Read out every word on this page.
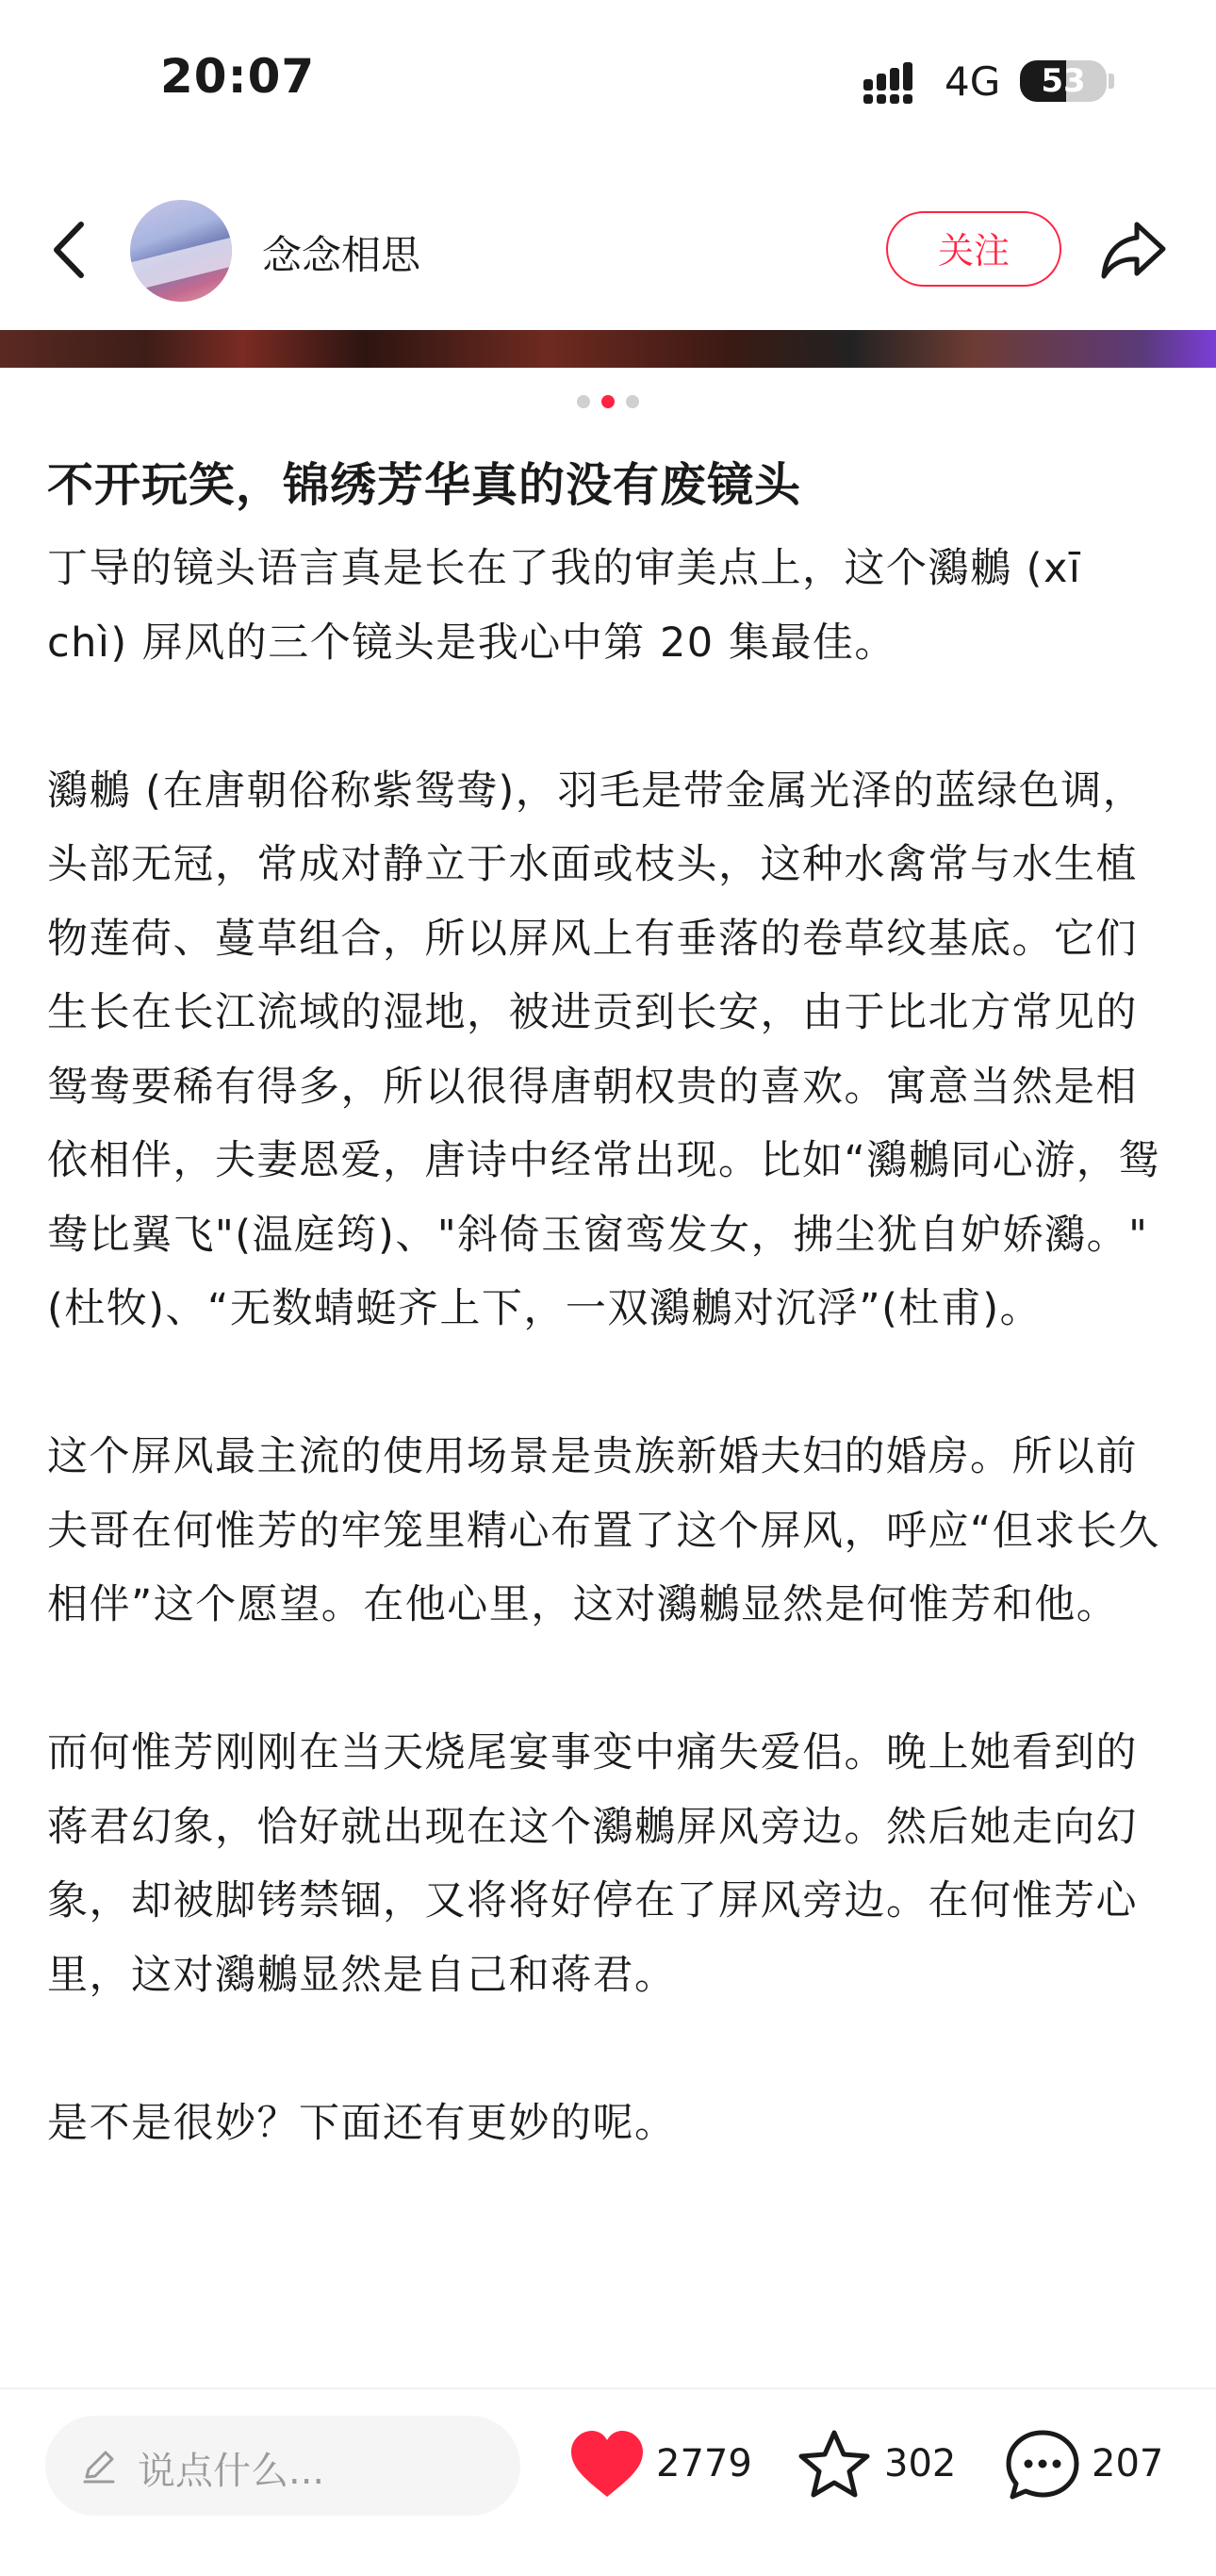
20:07	4G	53
念念相思	关注
不开玩笑，锦绣芳华真的没有废镜头

丁导的镜头语言真是长在了我的审美点上，这个鸂鶒 (xī chì) 屏风的三个镜头是我心中第 20 集最佳。

鸂鶒 (在唐朝俗称紫鸳鸯)，羽毛是带金属光泽的蓝绿色调，头部无冠，常成对静立于水面或枝头，这种水禽常与水生植物莲荷、蔓草组合，所以屏风上有垂落的卷草纹基底。它们生长在长江流域的湿地，被进贡到长安，由于比北方常见的鸳鸯要稀有得多，所以很得唐朝权贵的喜欢。寓意当然是相依相伴，夫妻恩爱，唐诗中经常出现。比如“鸂鶒同心游，鸳鸯比翼飞"(温庭筠)、"斜倚玉窗鸾发女，拂尘犹自妒娇鸂。"(杜牧)、“无数蜻蜓齐上下，一双鸂鶒对沉浮”(杜甫)。

这个屏风最主流的使用场景是贵族新婚夫妇的婚房。所以前夫哥在何惟芳的牢笼里精心布置了这个屏风，呼应“但求长久相伴”这个愿望。在他心里，这对鸂鶒显然是何惟芳和他。

而何惟芳刚刚在当天烧尾宴事变中痛失爱侣。晚上她看到的蒋君幻象，恰好就出现在这个鸂鶒屏风旁边。然后她走向幻象，却被脚铐禁锢，又将将好停在了屏风旁边。在何惟芳心里，这对鸂鶒显然是自己和蒋君。

是不是很妙？下面还有更妙的呢。

说点什么...	2779	302	207
